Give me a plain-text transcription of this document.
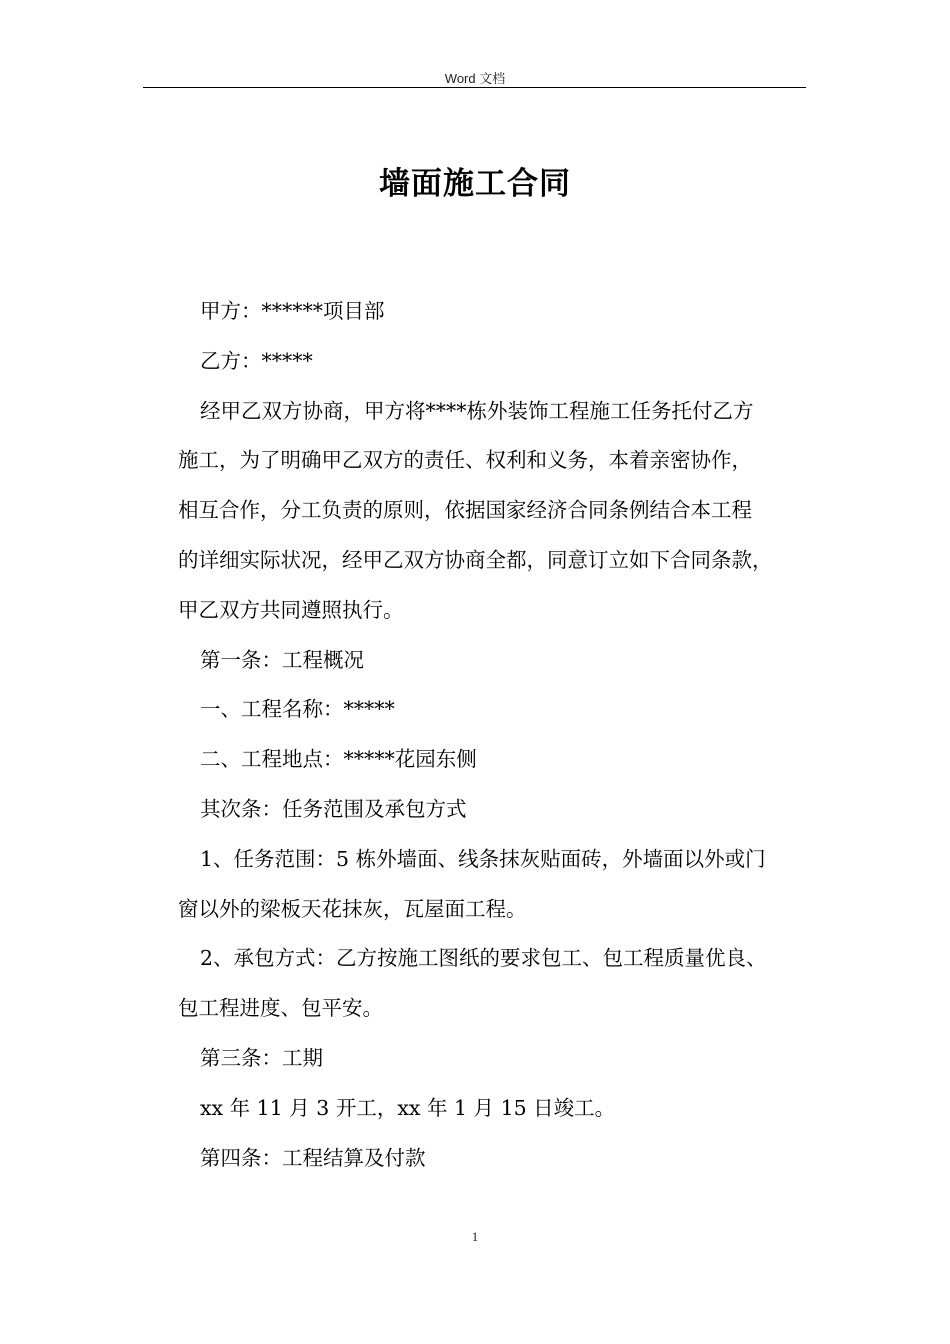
Word 文档
墙面施工合同

甲方：******项目部

乙方：*****

经甲乙双方协商，甲方将****栋外装饰工程施工任务托付乙方
施工，为了明确甲乙双方的责任、权利和义务，本着亲密协作，
相互合作，分工负责的原则，依据国家经济合同条例结合本工程
的详细实际状况，经甲乙双方协商全都，同意订立如下合同条款，
甲乙双方共同遵照执行。

第一条：工程概况

一、工程名称：*****

二、工程地点：*****花园东侧

其次条：任务范围及承包方式

1、任务范围：5 栋外墙面、线条抹灰贴面砖，外墙面以外或门
窗以外的梁板天花抹灰，瓦屋面工程。

2、承包方式：乙方按施工图纸的要求包工、包工程质量优良、
包工程进度、包平安。

第三条：工期

xx 年 11 月 3 开工，xx 年 1 月 15 日竣工。

第四条：工程结算及付款

1
